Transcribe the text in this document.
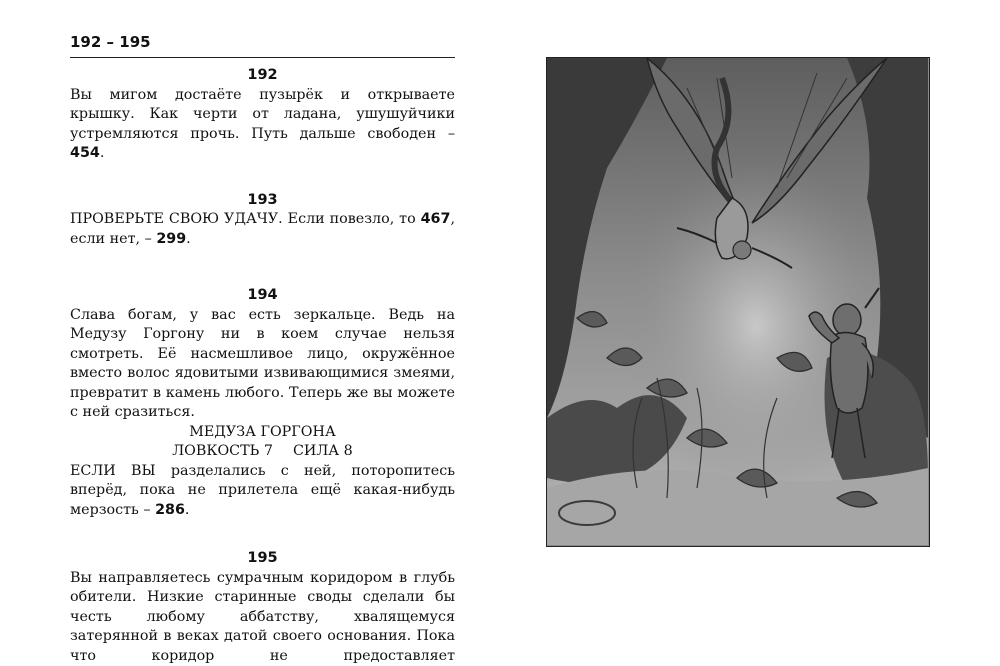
192 – 195
192

Вы мигом достаёте пузырёк и открываете крышку. Как черти от ладана, ушушуйчики устремляются прочь. Путь дальше свободен – 454.

193

ПРОВЕРЬТЕ СВОЮ УДАЧУ. Если повезло, то 467, если нет, – 299.

194

Слава богам, у вас есть зеркальце. Ведь на Медузу Горгону ни в коем случае нельзя смотреть. Её насмешливое лицо, окружённое вместо волос ядовитыми извивающимися змеями, превратит в камень любого. Теперь же вы можете с ней сразиться.

МЕДУЗА ГОРГОНА
ЛОВКОСТЬ 7 СИЛА 8

ЕСЛИ ВЫ разделались с ней, поторопитесь вперёд, пока не прилетела ещё какая-нибудь мерзость – 286.

195

Вы направляетесь сумрачным коридором в глубь обители. Низкие старинные своды сделали бы честь любому аббатству, хвалящемуся затерянной в веках датой своего основания. Пока что коридор не предоставляет
